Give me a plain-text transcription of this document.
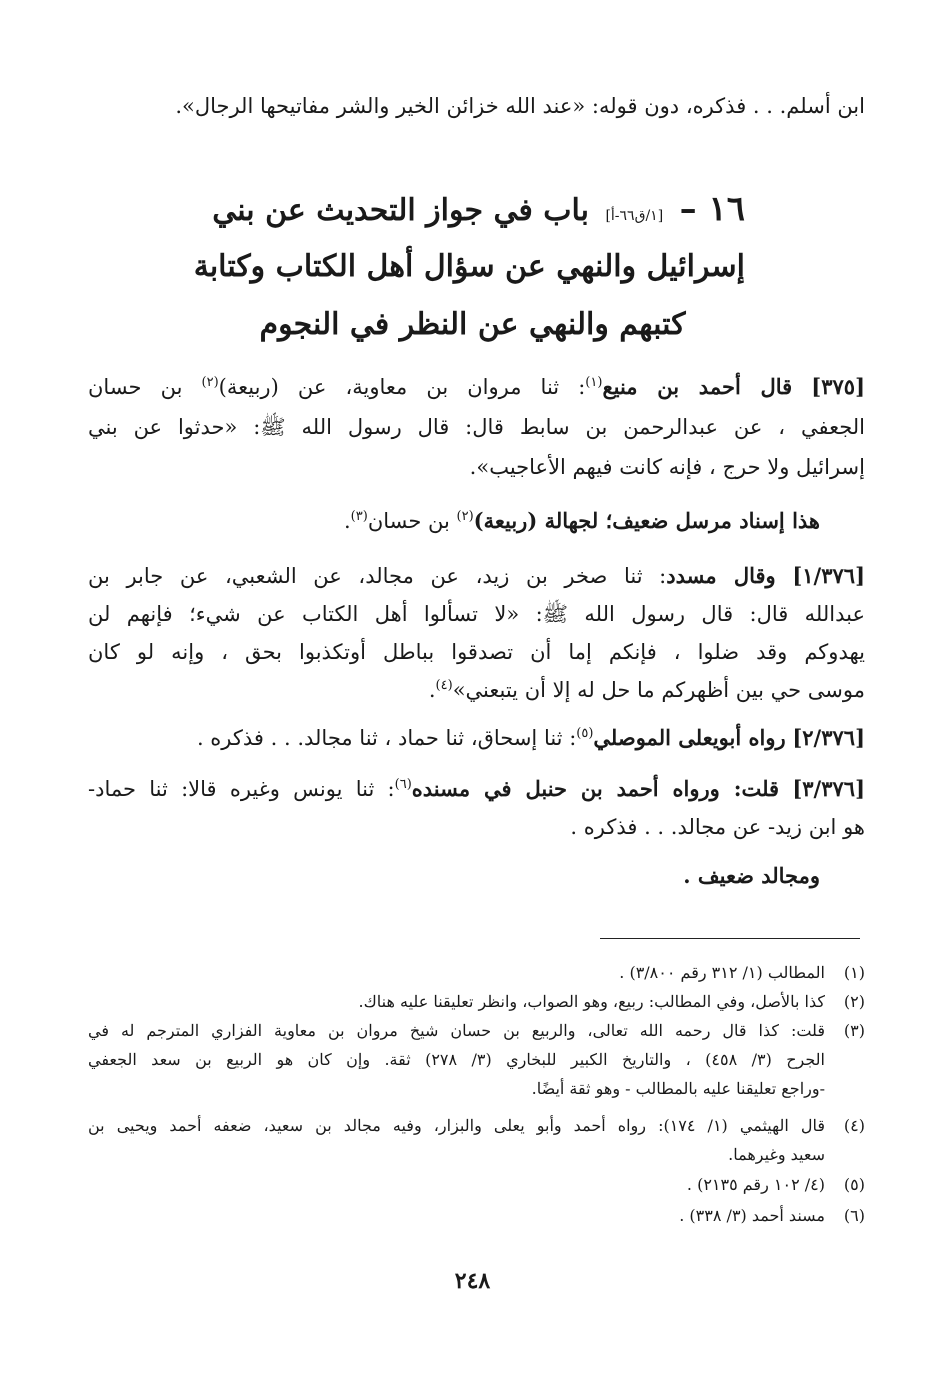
ابن أسلم. . . فذكره، دون قوله: «عند الله خزائن الخير والشر مفاتيحها الرجال».
١٦ – [١/ق٦٦-أ] باب في جواز التحديث عن بني
إسرائيل والنهي عن سؤال أهل الكتاب وكتابة
كتبهم والنهي عن النظر في النجوم
[٣٧٥] قال أحمد بن منيع$^{(١)}$: ثنا مروان بن معاوية، عن (ربيعة)$^{(٢)}$ بن حسان
الجعفي ، عن عبدالرحمن بن سابط قال: قال رسول الله ﷺ: «حدثوا عن بني
إسرائيل ولا حرج ، فإنه كانت فيهم الأعاجيب».
هذا إسناد مرسل ضعيف؛ لجهالة (ربيعة)$^{(٢)}$ بن حسان$^{(٣)}$.
[١/٣٧٦] وقال مسدد: ثنا صخر بن زيد، عن مجالد، عن الشعبي، عن جابر بن
عبدالله قال: قال رسول الله ﷺ: «لا تسألوا أهل الكتاب عن شيء؛ فإنهم لن
يهدوكم وقد ضلوا ، فإنكم إما أن تصدقوا بباطل أوتكذبوا بحق ، وإنه لو كان
موسى حي بين أظهركم ما حل له إلا أن يتبعني»$^{(٤)}$.
[٢/٣٧٦] رواه أبويعلى الموصلي$^{(٥)}$: ثنا إسحاق، ثنا حماد ، ثنا مجالد. . . فذكره .
[٣/٣٧٦] قلت: ورواه أحمد بن حنبل في مسنده$^{(٦)}$: ثنا يونس وغيره قالا: ثنا حماد-
هو ابن زيد- عن مجالد. . . فذكره .
ومجالد ضعيف .
(١)المطالب (١/ ٣١٢ رقم ٣/٨٠٠) .
(٢)كذا بالأصل، وفي المطالب: ربيع، وهو الصواب، وانظر تعليقنا عليه هناك.
(٣)قلت: كذا قال رحمه الله تعالى، والربيع بن حسان شيخ مروان بن معاوية الفزاري المترجم له في
الجرح (٣/ ٤٥٨) ، والتاريخ الكبير للبخاري (٣/ ٢٧٨) ثقة. وإن كان هو الربيع بن سعد الجعفي
-وراجع تعليقنا عليه بالمطالب - وهو ثقة أيضًا.
(٤)قال الهيثمي (١/ ١٧٤): رواه أحمد وأبو يعلى والبزار، وفيه مجالد بن سعيد، ضعفه أحمد ويحيى بن
سعيد وغيرهما.
(٥)(٤/ ١٠٢ رقم ٢١٣٥) .
(٦)مسند أحمد (٣/ ٣٣٨) .
٢٤٨
